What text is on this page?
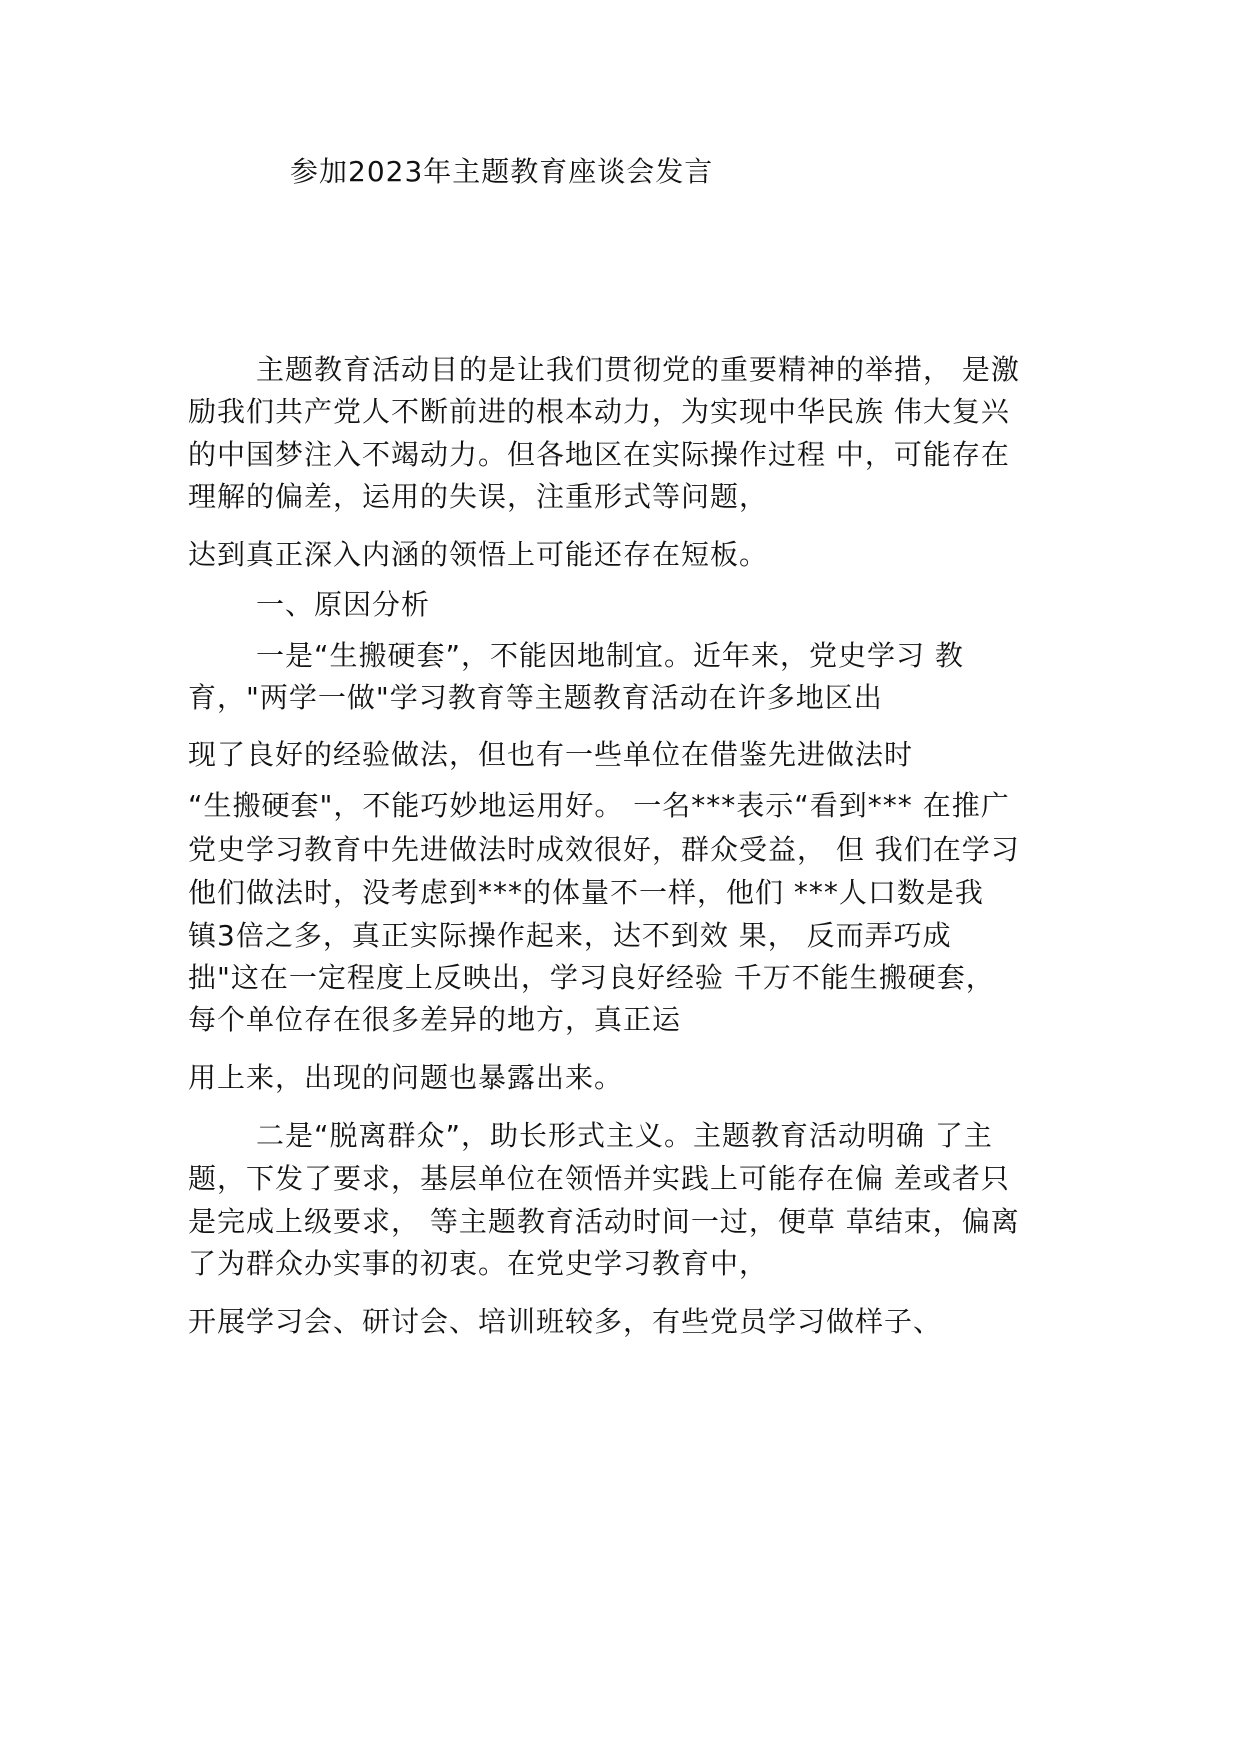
参加2023年主题教育座谈会发言
主题教育活动目的是让我们贯彻党的重要精神的举措， 是激
励我们共产党人不断前进的根本动力，为实现中华民族 伟大复兴
的中国梦注入不竭动力。但各地区在实际操作过程 中，可能存在
理解的偏差，运用的失误，注重形式等问题，
达到真正深入内涵的领悟上可能还存在短板。
一、原因分析
一是“生搬硬套”，不能因地制宜。近年来，党史学习 教
育，"两学一做"学习教育等主题教育活动在许多地区出
现了良好的经验做法，但也有一些单位在借鉴先进做法时
“生搬硬套"，不能巧妙地运用好。 一名***表示“看到*** 在推广
党史学习教育中先进做法时成效很好，群众受益， 但 我们在学习
他们做法时，没考虑到***的体量不一样，他们 ***人口数是我
镇3倍之多，真正实际操作起来，达不到效 果， 反而弄巧成
拙"这在一定程度上反映出，学习良好经验 千万不能生搬硬套，
每个单位存在很多差异的地方，真正运
用上来，出现的问题也暴露出来。
二是“脱离群众”，助长形式主义。主题教育活动明确 了主
题，下发了要求，基层单位在领悟并实践上可能存在偏 差或者只
是完成上级要求， 等主题教育活动时间一过，便草 草结束，偏离
了为群众办实事的初衷。在党史学习教育中，
开展学习会、研讨会、培训班较多，有些党员学习做样子、
